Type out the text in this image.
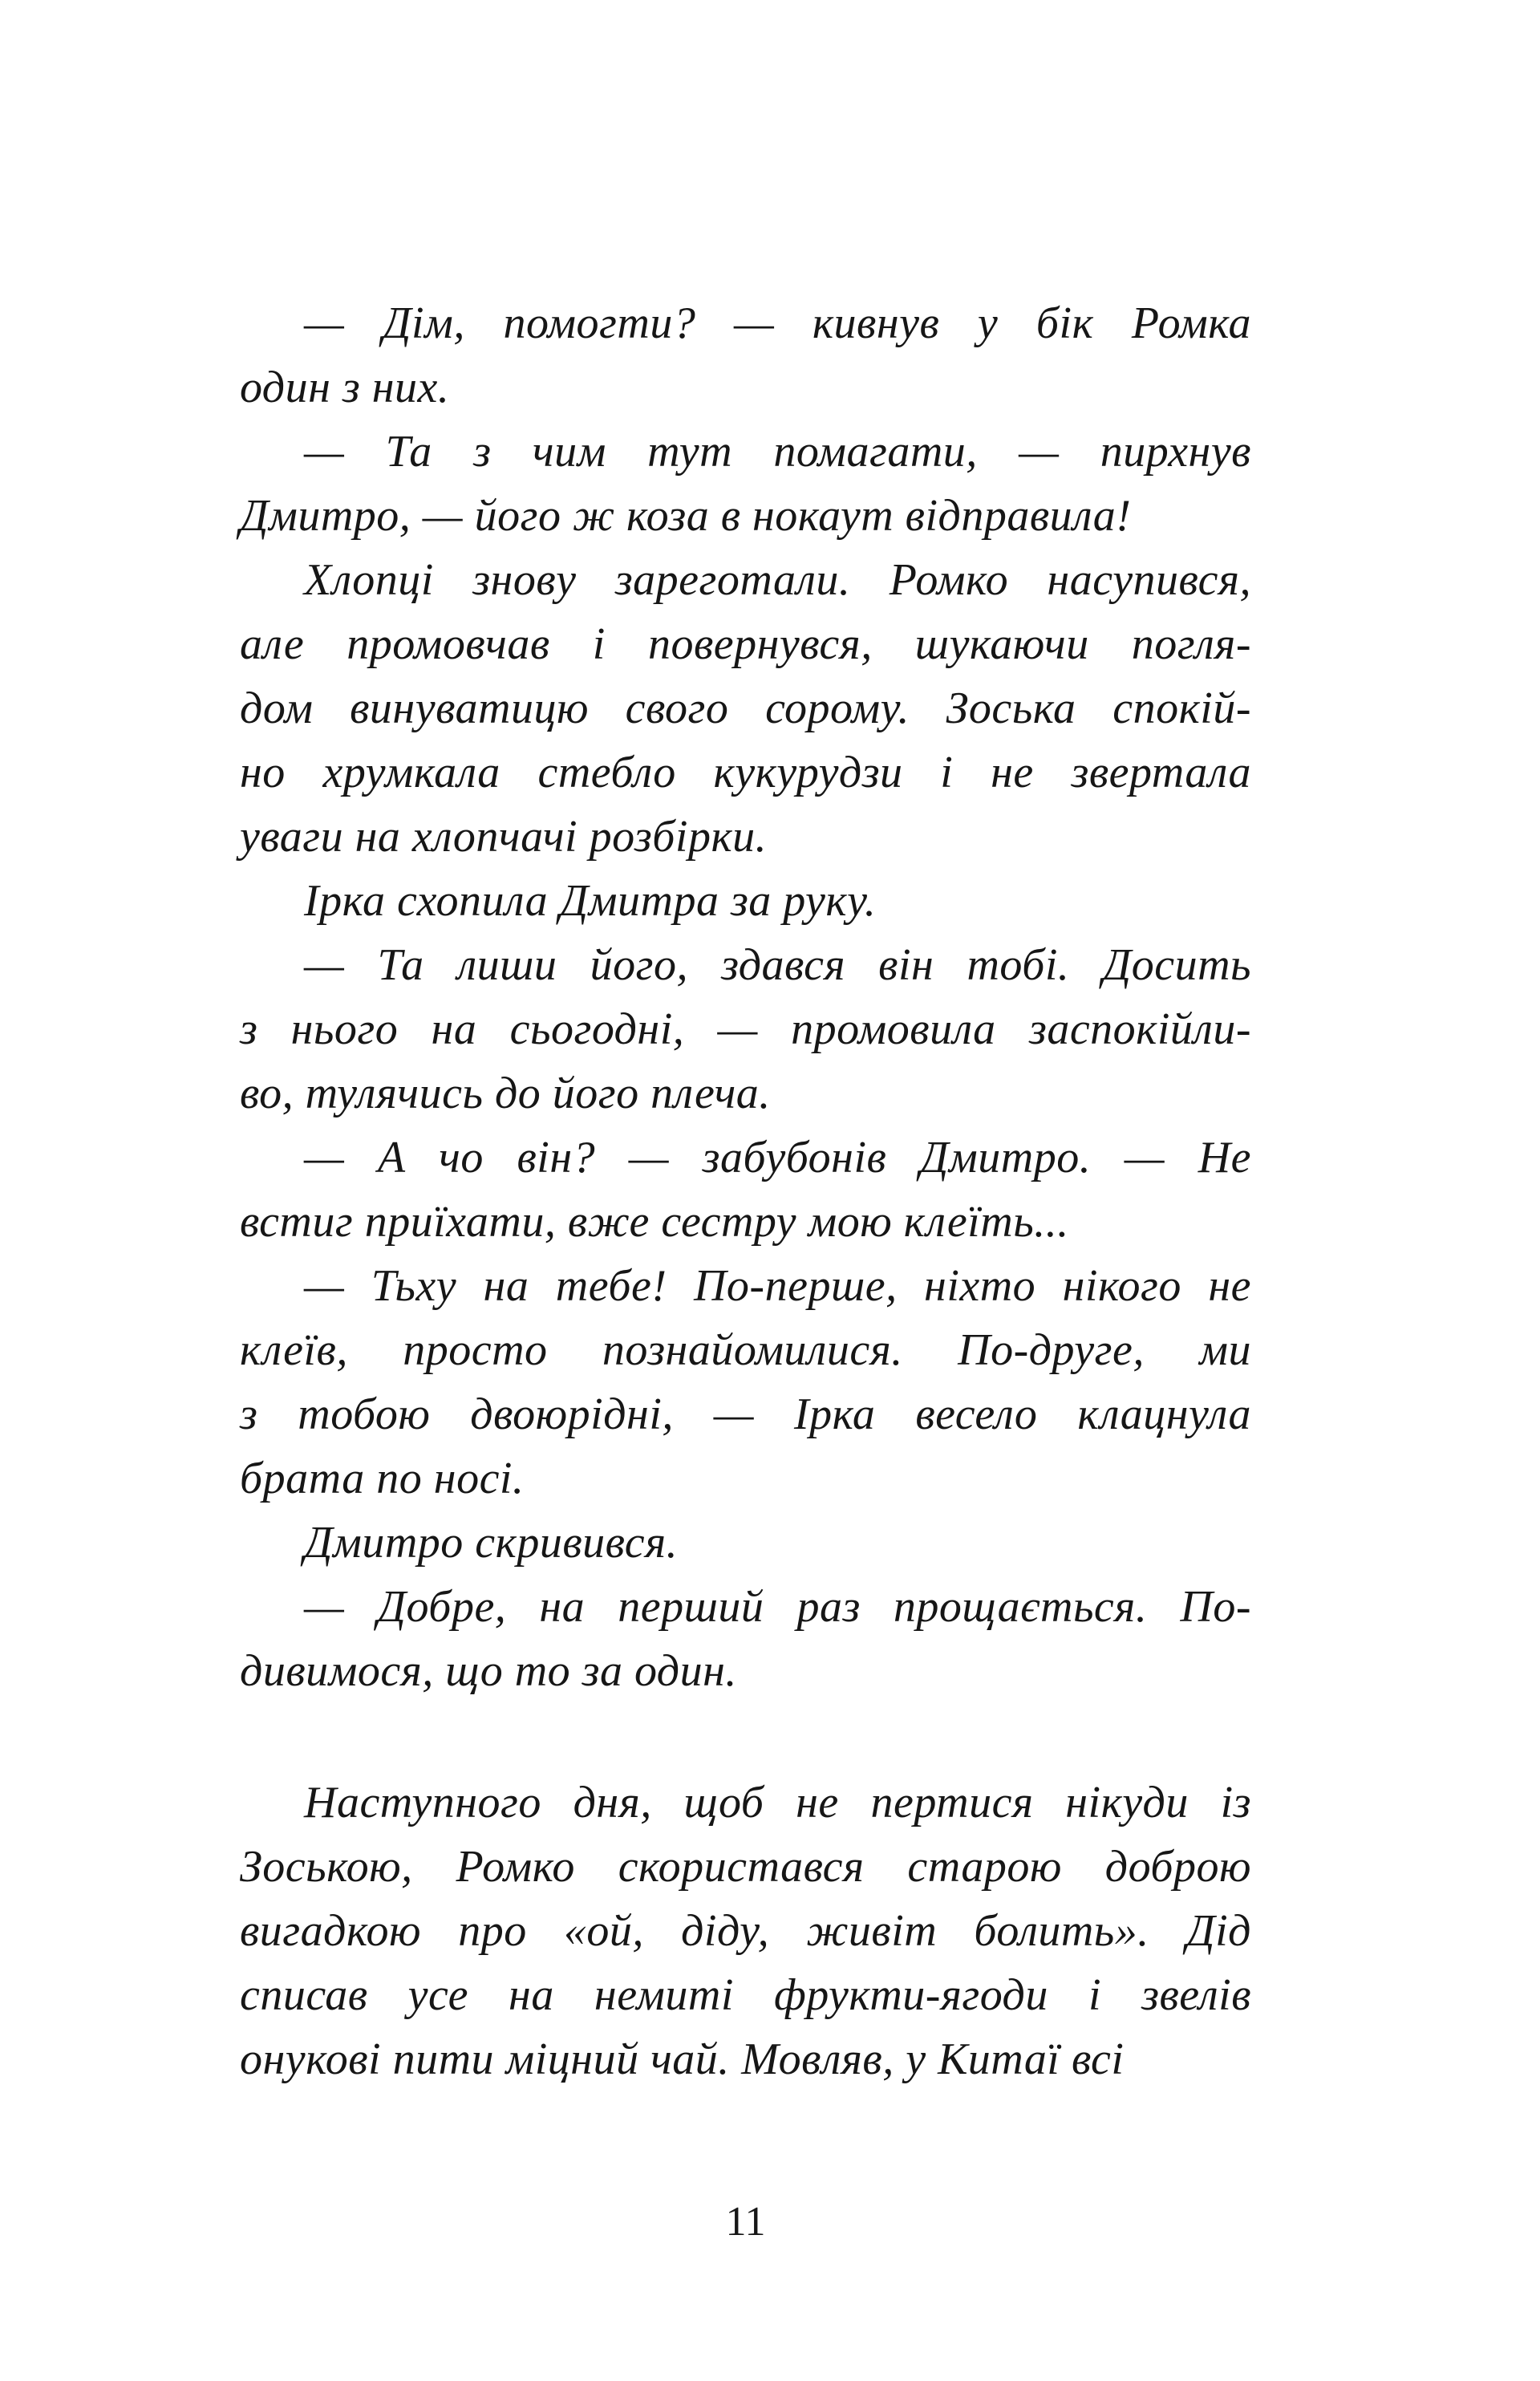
— Дім, помогти? — кивнув у бік Ромка
один з них.
— Та з чим тут помагати, — пирхнув
Дмитро, — його ж коза в нокаут відправила!
Хлопці знову зареготали. Ромко насупився,
але промовчав і повернувся, шукаючи погля-
дом винуватицю свого сорому. Зоська спокій-
но хрумкала стебло кукурудзи і не звертала
уваги на хлопчачі розбірки.
Ірка схопила Дмитра за руку.
— Та лиши його, здався він тобі. Досить
з нього на сьогодні, — промовила заспокійли-
во, тулячись до його плеча.
— А чо він? — забубонів Дмитро. — Не
встиг приїхати, вже сестру мою клеїть...
— Тьху на тебе! По-перше, ніхто нікого не
клеїв, просто познайомилися. По-друге, ми
з тобою двоюрідні, — Ірка весело клацнула
брата по носі.
Дмитро скривився.
— Добре, на перший раз прощається. По-
дивимося, що то за один.
Наступного дня, щоб не пертися нікуди із
Зоською, Ромко скористався старою доброю
вигадкою про «ой, діду, живіт болить». Дід
списав усе на немиті фрукти-ягоди і звелів
онукові пити міцний чай. Мовляв, у Китаї всі
11
